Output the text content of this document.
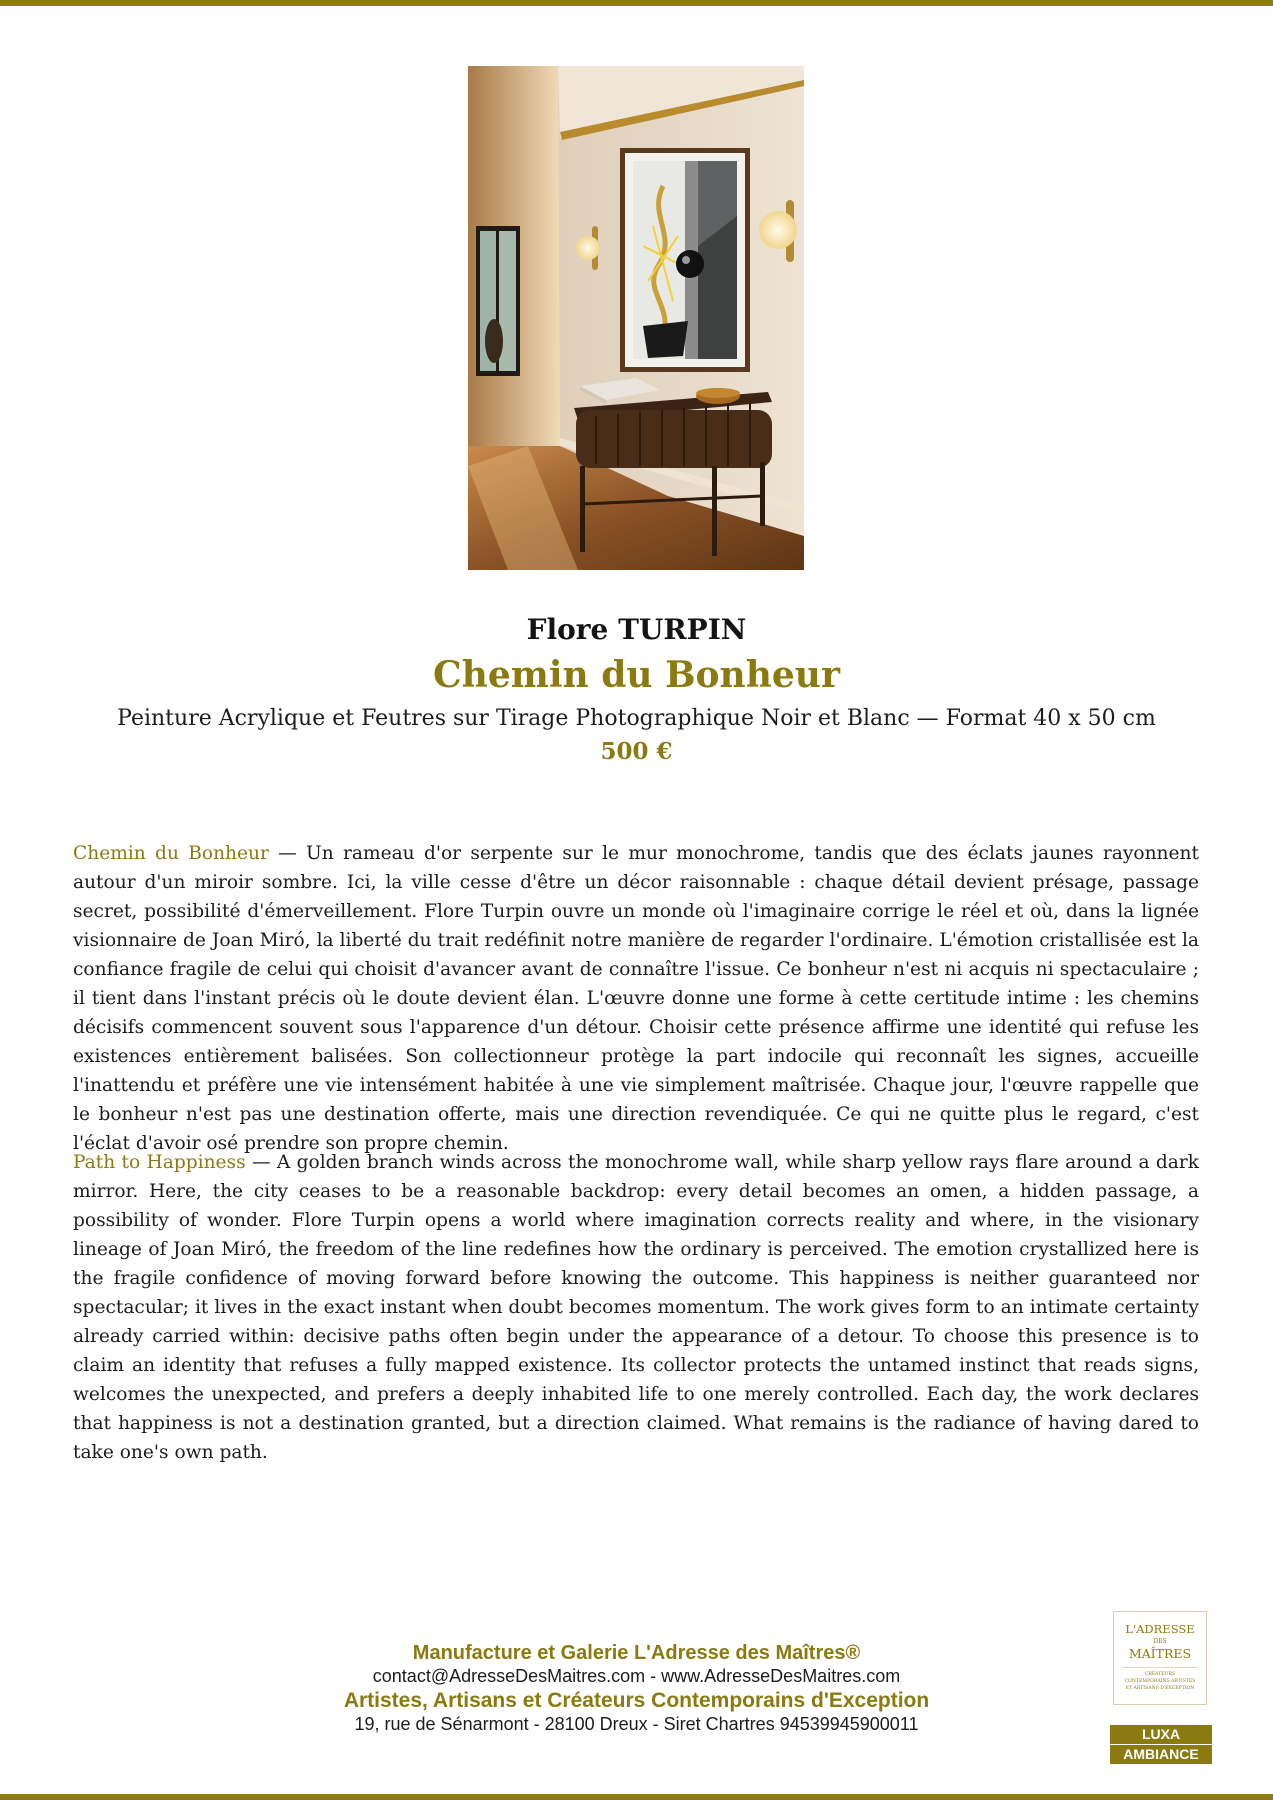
Flore TURPIN
Chemin du Bonheur
Peinture Acrylique et Feutres sur Tirage Photographique Noir et Blanc — Format 40 x 50 cm
500 €

Chemin du Bonheur — Un rameau d'or serpente sur le mur monochrome, tandis que des éclats jaunes rayonnent autour d'un miroir sombre. Ici, la ville cesse d'être un décor raisonnable : chaque détail devient présage, passage secret, possibilité d'émerveillement. Flore Turpin ouvre un monde où l'imaginaire corrige le réel et où, dans la lignée visionnaire de Joan Miró, la liberté du trait redéfinit notre manière de regarder l'ordinaire. L'émotion cristallisée est la confiance fragile de celui qui choisit d'avancer avant de connaître l'issue. Ce bonheur n'est ni acquis ni spectaculaire ; il tient dans l'instant précis où le doute devient élan. L'œuvre donne une forme à cette certitude intime : les chemins décisifs commencent souvent sous l'apparence d'un détour. Choisir cette présence affirme une identité qui refuse les existences entièrement balisées. Son collectionneur protège la part indocile qui reconnaît les signes, accueille l'inattendu et préfère une vie intensément habitée à une vie simplement maîtrisée. Chaque jour, l'œuvre rappelle que le bonheur n'est pas une destination offerte, mais une direction revendiquée. Ce qui ne quitte plus le regard, c'est l'éclat d'avoir osé prendre son propre chemin.

Path to Happiness — A golden branch winds across the monochrome wall, while sharp yellow rays flare around a dark mirror. Here, the city ceases to be a reasonable backdrop: every detail becomes an omen, a hidden passage, a possibility of wonder. Flore Turpin opens a world where imagination corrects reality and where, in the visionary lineage of Joan Miró, the freedom of the line redefines how the ordinary is perceived. The emotion crystallized here is the fragile confidence of moving forward before knowing the outcome. This happiness is neither guaranteed nor spectacular; it lives in the exact instant when doubt becomes momentum. The work gives form to an intimate certainty already carried within: decisive paths often begin under the appearance of a detour. To choose this presence is to claim an identity that refuses a fully mapped existence. Its collector protects the untamed instinct that reads signs, welcomes the unexpected, and prefers a deeply inhabited life to one merely controlled. Each day, the work declares that happiness is not a destination granted, but a direction claimed. What remains is the radiance of having dared to take one's own path.

Manufacture et Galerie L'Adresse des Maîtres®
contact@AdresseDesMaitres.com - www.AdresseDesMaitres.com
Artistes, Artisans et Créateurs Contemporains d'Exception
19, rue de Sénarmont - 28100 Dreux - Siret Chartres 94539945900011
L'ADRESSE
DES
MAÎTRES
CRÉATEURS CONTEMPORAINS ARTISTES ET ARTISANS D'EXCEPTION
LUXA
AMBIANCE
